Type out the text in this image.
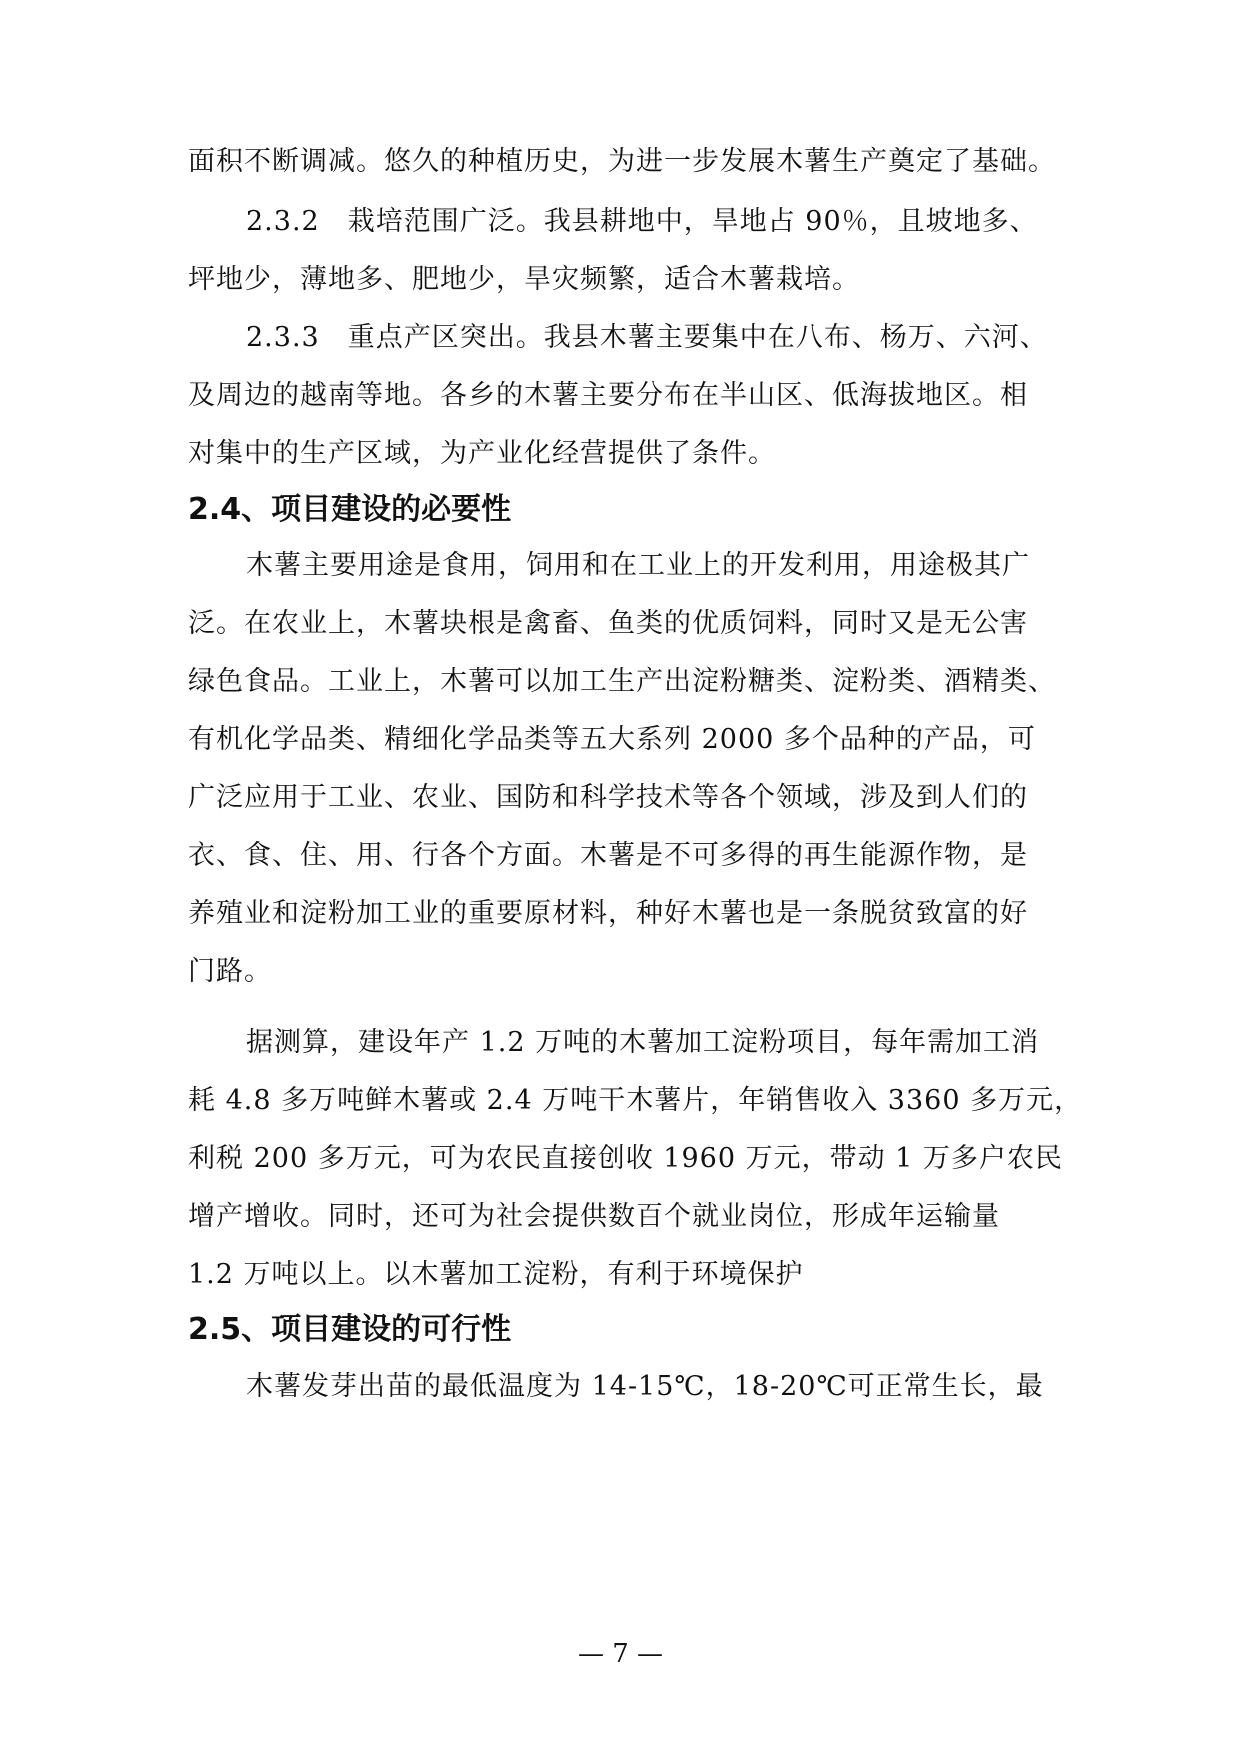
面积不断调减。悠久的种植历史，为进一步发展木薯生产奠定了基础。
2.3.2　栽培范围广泛。我县耕地中，旱地占 90％，且坡地多、
坪地少，薄地多、肥地少，旱灾频繁，适合木薯栽培。
2.3.3　重点产区突出。我县木薯主要集中在八布、杨万、六河、
及周边的越南等地。各乡的木薯主要分布在半山区、低海拔地区。相
对集中的生产区域，为产业化经营提供了条件。
2.4、项目建设的必要性
木薯主要用途是食用，饲用和在工业上的开发利用，用途极其广
泛。在农业上，木薯块根是禽畜、鱼类的优质饲料，同时又是无公害
绿色食品。工业上，木薯可以加工生产出淀粉糖类、淀粉类、酒精类、
有机化学品类、精细化学品类等五大系列 2000 多个品种的产品，可
广泛应用于工业、农业、国防和科学技术等各个领域，涉及到人们的
衣、食、住、用、行各个方面。木薯是不可多得的再生能源作物，是
养殖业和淀粉加工业的重要原材料，种好木薯也是一条脱贫致富的好
门路。
据测算，建设年产 1.2 万吨的木薯加工淀粉项目，每年需加工消
耗 4.8 多万吨鲜木薯或 2.4 万吨干木薯片，年销售收入 3360 多万元，
利税 200 多万元，可为农民直接创收 1960 万元，带动 1 万多户农民
增产增收。同时，还可为社会提供数百个就业岗位，形成年运输量
1.2 万吨以上。以木薯加工淀粉，有利于环境保护
2.5、项目建设的可行性
木薯发芽出苗的最低温度为 14-15℃，18-20℃可正常生长，最
— 7 —
